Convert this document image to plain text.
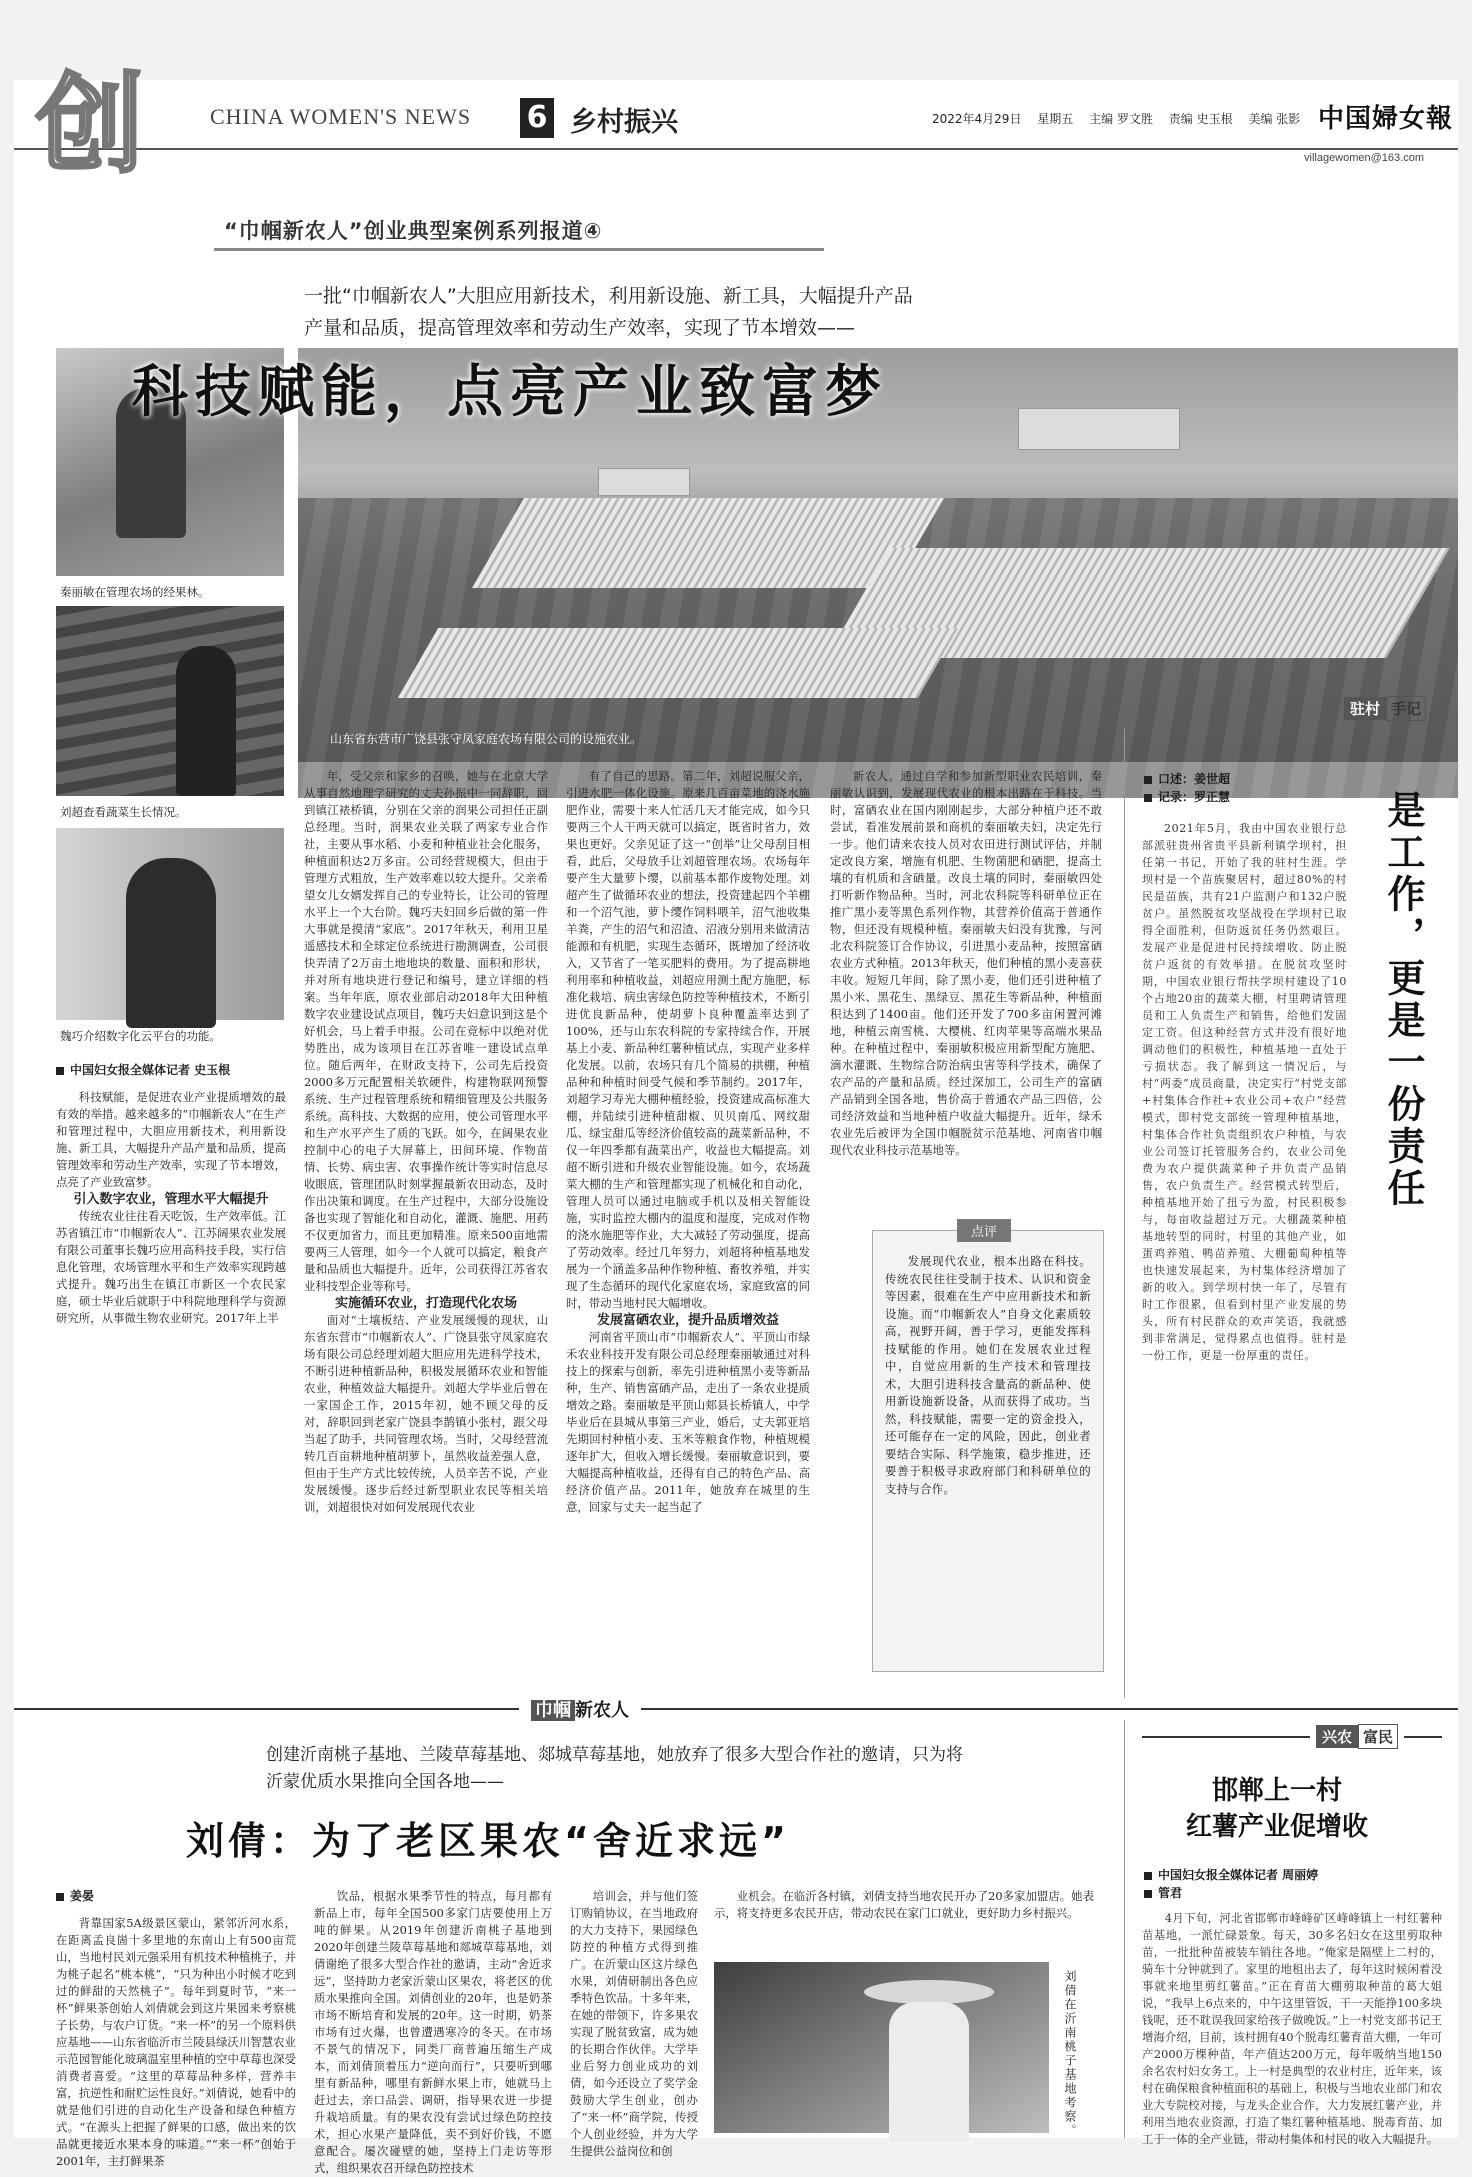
创	CHINA WOMEN'S NEWS 6 乡村振兴	2022年4月29日 星期五 主编 罗文胜 责编 史玉根 美编 张影 中国婦女報
villagewomen@163.com
“巾帼新农人”创业典型案例系列报道④
一批“巾帼新农人”大胆应用新技术，利用新设施、新工具，大幅提升产品产量和品质，提高管理效率和劳动生产效率，实现了节本增效——
科技赋能，点亮产业致富梦
山东省东营市广饶县张守凤家庭农场有限公司的设施农业。
秦丽敏在管理农场的经果林。
刘超查看蔬菜生长情况。
魏巧介绍数字化云平台的功能。
中国妇女报全媒体记者 史玉根

科技赋能，是促进农业产业提质增效的最有效的举措。越来越多的“巾帼新农人”在生产和管理过程中，大胆应用新技术，利用新设施、新工具，大幅提升产品产量和品质，提高管理效率和劳动生产效率，实现了节本增效，点亮了产业致富梦。

引入数字农业，管理水平大幅提升

传统农业往往看天吃饭，生产效率低。江苏省镇江市“巾帼新农人”、江苏阔果农业发展有限公司董事长魏巧应用高科技手段，实行信息化管理，农场管理水平和生产效率实现跨越式提升。魏巧出生在镇江市新区一个农民家庭，硕士毕业后就职于中科院地理科学与资源研究所，从事微生物农业研究。2017年上半

年，受父亲和家乡的召唤，她与在北京大学从事自然地理学研究的丈夫孙振中一同辞职，回到镇江裱桥镇，分别在父亲的润果公司担任正副总经理。当时，润果农业关联了两家专业合作社，主要从事水稻、小麦和种植业社会化服务，种植面积达2万多亩。公司经营规模大，但由于管理方式粗放，生产效率难以较大提升。父亲希望女儿女婿发挥自己的专业特长，让公司的管理水平上一个大台阶。魏巧夫妇回乡后做的第一件大事就是摸清“家底”。2017年秋天，利用卫星遥感技术和全球定位系统进行勘测调查，公司很快弄清了2万亩土地地块的数量、面积和形状，并对所有地块进行登记和编号，建立详细的档案。当年年底，原农业部启动2018年大田种植数字农业建设试点项目，魏巧夫妇意识到这是个好机会，马上着手申报。公司在竞标中以绝对优势胜出，成为该项目在江苏省唯一建设试点单位。随后两年，在财政支持下，公司先后投资2000多万元配置相关软硬件，构建物联网预警系统、生产过程管理系统和精细管理及公共服务系统。高科技、大数据的应用，使公司管理水平和生产水平产生了质的飞跃。如今，在阔果农业控制中心的电子大屏幕上，田间环境、作物苗情、长势、病虫害、农事操作统计等实时信息尽收眼底，管理团队时刻掌握最新农田动态，及时作出决策和调度。在生产过程中，大部分设施设备也实现了智能化和自动化，灌溉、施肥、用药不仅更加省力，而且更加精准。原来500亩地需要两三人管理，如今一个人就可以搞定，粮食产量和品质也大幅提升。近年，公司获得江苏省农业科技型企业等称号。

实施循环农业，打造现代化农场

面对“土壤板结、产业发展缓慢的现状，山东省东营市“巾帼新农人”、广饶县张守凤家庭农场有限公司总经理刘超大胆应用先进科学技术，不断引进种植新品种，积极发展循环农业和智能农业，种植效益大幅提升。刘超大学毕业后曾在一家国企工作，2015年初，她不顾父母的反对，辞职回到老家广饶县李鹊镇小张村，跟父母当起了助手，共同管理农场。当时，父母经营流转几百亩耕地种植胡萝卜，虽然收益差强人意，但由于生产方式比较传统，人员辛苦不说，产业发展缓慢。逐步后经过新型职业农民等相关培训，刘超很快对如何发展现代农业

有了自己的思路。第二年，刘超说服父亲，引进水肥一体化设施。原来几百亩菜地的浇水施肥作业，需要十来人忙活几天才能完成，如今只要两三个人干两天就可以搞定，既省时省力，效果也更好。父亲见证了这一“创举”让父母刮目相看，此后，父母放手让刘超管理农场。农场每年要产生大量萝卜缨，以前基本都作废物处理。刘超产生了做循环农业的想法，投资建起四个羊棚和一个沼气池，萝卜缨作饲料喂羊，沼气池收集羊粪，产生的沼气和沼渣、沼液分别用来做清洁能源和有机肥，实现生态循环，既增加了经济收入，又节省了一笔买肥料的费用。为了提高耕地利用率和种植收益，刘超应用测土配方施肥，标准化栽培、病虫害绿色防控等种植技术，不断引进优良新品种，使胡萝卜良种覆盖率达到了100%，还与山东农科院的专家持续合作，开展基上小麦、新品种红薯种植试点，实现产业多样化发展。以前，农场只有几个简易的拱棚，种植品种和种植时间受气候和季节制约。2017年，刘超学习寿光大棚种植经验，投资建成高标准大棚，并陆续引进种植甜椒、贝贝南瓜、网纹甜瓜、绿宝甜瓜等经济价值较高的蔬菜新品种，不仅一年四季都有蔬菜出产，收益也大幅提高。刘超不断引进和升级农业智能设施。如今，农场蔬菜大棚的生产和管理都实现了机械化和自动化，管理人员可以通过电脑或手机以及相关智能设施，实时监控大棚内的温度和湿度，完成对作物的浇水施肥等作业，大大减轻了劳动强度，提高了劳动效率。经过几年努力，刘超将种植基地发展为一个涵盖多品种作物种植、畜牧养殖，并实现了生态循环的现代化家庭农场，家庭致富的同时，带动当地村民大幅增收。

发展富硒农业，提升品质增效益

河南省平顶山市“巾帼新农人”、平顶山市绿禾农业科技开发有限公司总经理秦丽敏通过对科技上的探索与创新，率先引进种植黑小麦等新品种，生产、销售富硒产品，走出了一条农业提质增效之路。秦丽敏是平顶山郏县长桥镇人，中学毕业后在县城从事第三产业，婚后，丈夫郭亚培先期回村种植小麦、玉米等粮食作物，种植规模逐年扩大，但收入增长缓慢。秦丽敏意识到，要大幅提高种植收益，还得有自己的特色产品、高经济价值产品。2011年，她放弃在城里的生意，回家与丈夫一起当起了

新农人。通过自学和参加新型职业农民培训，秦丽敏认识到，发展现代农业的根本出路在于科技。当时，富硒农业在国内刚刚起步，大部分种植户还不敢尝试，看准发展前景和商机的秦丽敏夫妇，决定先行一步。他们请来农技人员对农田进行测试评估，并制定改良方案，增施有机肥、生物菌肥和硒肥，提高土壤的有机质和含硒量。改良土壤的同时，秦丽敏四处打听新作物品种。当时，河北农科院等科研单位正在推广黑小麦等黑色系列作物，其营养价值高于普通作物，但还没有规模种植。秦丽敏夫妇没有犹豫，与河北农科院签订合作协议，引进黑小麦品种，按照富硒农业方式种植。2013年秋天，他们种植的黑小麦喜获丰收。短短几年间，除了黑小麦，他们还引进种植了黑小米、黑花生、黑绿豆、黑花生等新品种，种植面积达到了1400亩。他们还开发了700多亩闲置河滩地，种植云南雪桃、大樱桃、红肉苹果等高端水果品种。在种植过程中，秦丽敏积极应用新型配方施肥、滴水灌溉、生物综合防治病虫害等科学技术，确保了农产品的产量和品质。经过深加工，公司生产的富硒产品销到全国各地，售价高于普通农产品三四倍，公司经济效益和当地种植户收益大幅提升。近年，绿禾农业先后被评为全国巾帼脱贫示范基地、河南省巾帼现代农业科技示范基地等。

点评

发展现代农业，根本出路在科技。传统农民往往受制于技术、认识和资金等因素，很难在生产中应用新技术和新设施。而“巾帼新农人”自身文化素质较高，视野开阔，善于学习，更能发挥科技赋能的作用。她们在发展农业过程中，自觉应用新的生产技术和管理技术，大胆引进科技含量高的新品种、使用新设施新设备，从而获得了成功。当然，科技赋能，需要一定的资金投入，还可能存在一定的风险，因此，创业者要结合实际、科学施策，稳步推进，还要善于积极寻求政府部门和科研单位的支持与合作。

驻村 手记
口述：姜世超
记录：罗正慧

2021年5月，我由中国农业银行总部派驻贵州省贵平县新利镇学坝村，担任第一书记，开始了我的驻村生涯。学坝村是一个苗族聚居村，超过80%的村民是苗族，共有21户监测户和132户脱贫户。虽然脱贫攻坚战役在学坝村已取得全面胜利，但防返贫任务仍然艰巨。发展产业是促进村民持续增收、防止脱贫户返贫的有效举措。在脱贫攻坚时期，中国农业银行帮扶学坝村建设了10个占地20亩的蔬菜大棚，村里聘请管理员和工人负责生产和销售，给他们发固定工资。但这种经营方式并没有很好地调动他们的积极性，种植基地一直处于亏损状态。我了解到这一情况后，与村“两委”成员商量，决定实行“村党支部+村集体合作社+农业公司+农户”经营模式，即村党支部统一管理种植基地，村集体合作社负责组织农户种植，与农业公司签订托管服务合约，农业公司免费为农户提供蔬菜种子并负责产品销售，农户负责生产。经营模式转型后，种植基地开始了扭亏为盈，村民积极参与，每亩收益超过万元。大棚蔬菜种植基地转型的同时，村里的其他产业，如蛋鸡养殖、鸭苗养殖、大棚葡萄种植等也快速发展起来，为村集体经济增加了新的收入。到学坝村快一年了，尽管有时工作很累，但看到村里产业发展的势头，所有村民群众的欢声笑语，我就感到非常满足，觉得累点也值得。驻村是一份工作，更是一份厚重的责任。

是工作，更是一份责任
巾帼 新农人
创建沂南桃子基地、兰陵草莓基地、郯城草莓基地，她放弃了很多大型合作社的邀请，只为将沂蒙优质水果推向全国各地——
刘倩：为了老区果农“舍近求远”
姜晏

背靠国家5A级景区蒙山，紧邻沂河水系，在距离孟良崮十多里地的东南山上有500亩荒山，当地村民刘元强采用有机技术种植桃子，并为桃子起名“桃本桃”，“只为种出小时候才吃到过的鲜甜的天然桃子”。每年到夏时节，“来一杯”鲜果茶创始人刘倩就会到这片果园来考察桃子长势，与农户订货。“来一杯”的另一个原料供应基地——山东省临沂市兰陵县绿沃川智慧农业示范园智能化玻璃温室里种植的空中草莓也深受消费者喜爱。“这里的草莓品种多样，营养丰富，抗逆性和耐贮运性良好。”刘倩说，她看中的就是他们引进的自动化生产设备和绿色种植方式。“在源头上把握了鲜果的口感，做出来的饮品就更接近水果本身的味道。”“来一杯”创始于2001年，主打鲜果茶

饮品，根据水果季节性的特点，每月都有新品上市，每年全国500多家门店要使用上万吨的鲜果。从2019年创建沂南桃子基地到2020年创建兰陵草莓基地和郯城草莓基地，刘倩谢绝了很多大型合作社的邀请，主动“舍近求远”，坚持助力老家沂蒙山区果农，将老区的优质水果推向全国。刘倩创业的20年，也是奶茶市场不断培育和发展的20年。这一时期，奶茶市场有过火爆，也曾遭遇寒冷的冬天。在市场不景气的情况下，同类厂商普遍压缩生产成本，而刘倩顶着压力“逆向而行”，只要听到哪里有新品种，哪里有新鲜水果上市，她就马上赶过去，亲口品尝、调研，指导果农进一步提升栽培质量。有的果农没有尝试过绿色防控技术，担心水果产量降低，卖不到好价钱，不愿意配合。屡次碰壁的她，坚持上门走访等形式，组织果农召开绿色防控技术

培训会，并与他们签订购销协议，在当地政府的大力支持下，果园绿色防控的种植方式得到推广。在沂蒙山区这片绿色水果，刘倩研制出各色应季特色饮品。十多年来，在她的带领下，许多果农实现了脱贫致富，成为她的长期合作伙伴。大学毕业后努力创业成功的刘倩，如今还设立了奖学金鼓励大学生创业，创办了“来一杯”商学院，传授个人创业经验，并为大学生提供公益岗位和创

业机会。在临沂各村镇，刘倩支持当地农民开办了20多家加盟店。她表示，将支持更多农民开店，带动农民在家门口就业，更好助力乡村振兴。

刘倩在沂南桃子基地考察。
兴农 富民
邯郸上一村
红薯产业促增收
中国妇女报全媒体记者 周丽婷
管君

4月下旬，河北省邯郸市峰峰矿区峰峰镇上一村红薯种苗基地，一派忙碌景象。每天，30多名妇女在这里剪取种苗，一批批种苗被装车销往各地。“俺家是隔壁上二村的，骑车十分钟就到了。家里的地租出去了，每年这时候闲着没事就来地里剪红薯苗。”正在育苗大棚剪取种苗的葛大姐说，“我早上6点来的，中午这里管饭，干一天能挣100多块钱呢，还不耽误我回家给孩子做晚饭。”上一村党支部书记王增海介绍，目前，该村拥有40个脱毒红薯育苗大棚，一年可产2000万棵种苗，年产值达200万元，每年吸纳当地150余名农村妇女务工。上一村是典型的农业村庄，近年来，该村在确保粮食种植面积的基础上，积极与当地农业部门和农业大专院校对接，与龙头企业合作，大力发展红薯产业，并利用当地农业资源，打造了集红薯种植基地、脱毒育苗、加工于一体的全产业链，带动村集体和村民的收入大幅提升。
